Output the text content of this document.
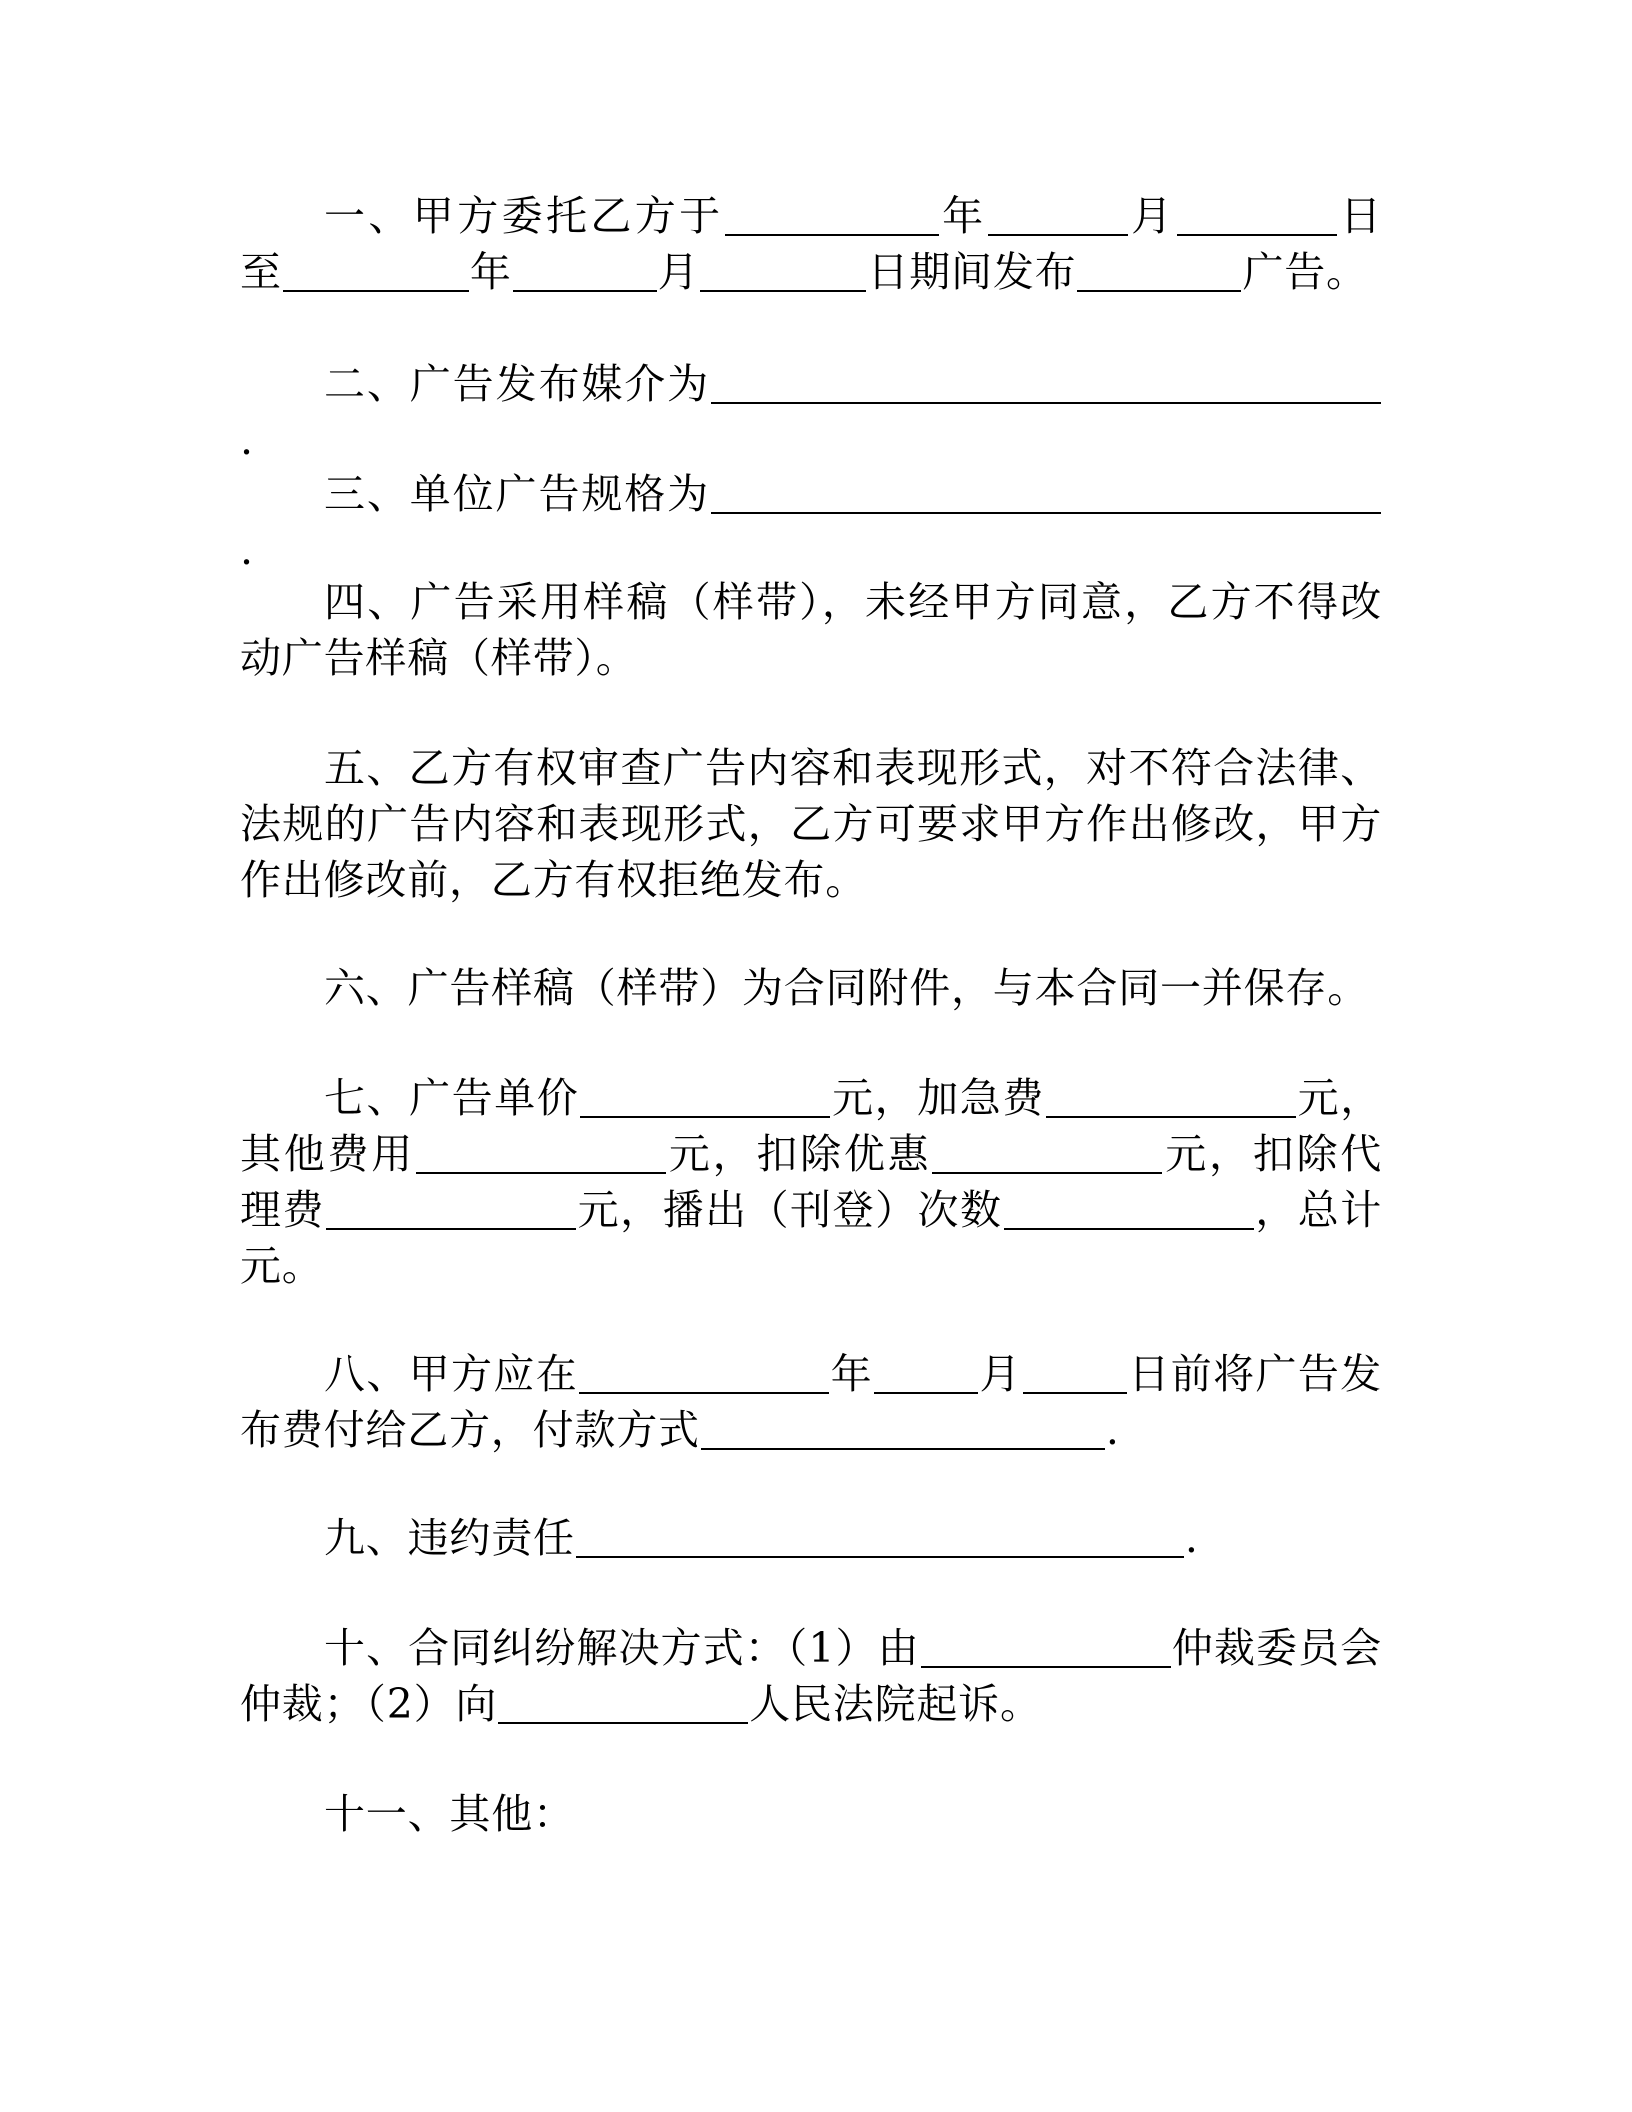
一、甲方委托乙方于	年	月	日至	年	月	日期间发布	广告。

二、广告发布媒介为.

三、单位广告规格为.

四、广告采用样稿（样带），未经甲方同意，乙方不得改动广告样稿（样带）。

五、乙方有权审查广告内容和表现形式，对不符合法律、法规的广告内容和表现形式，乙方可要求甲方作出修改，甲方作出修改前，乙方有权拒绝发布。

六、广告样稿（样带）为合同附件，与本合同一并保存。

七、广告单价	元，加急费	元，其他费用	元，扣除优惠	元，扣除代理费	元，播出（刊登）次数	，总计元。

八、甲方应在	年	月	日前将广告发布费付给乙方，付款方式	.

九、违约责任	.

十、合同纠纷解决方式：（1）由	仲裁委员会仲裁；（2）向	人民法院起诉。

十一、其他：
